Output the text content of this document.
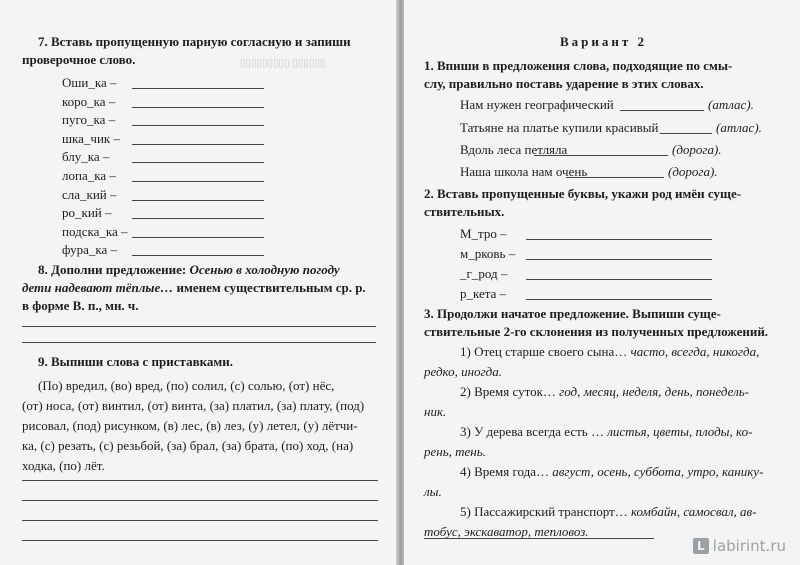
▯▯▯▯▯▯▯▯▯ ▯▯▯▯▯▯
7. Вставь пропущенную парную согласную и запиши
проверочное слово.
Оши_ка –
коро_ка –
пуго_ка –
шка_чик –
блу_ка –
лопа_ка –
сла_кий –
ро_кий –
подска_ка –
фура_ка –
8. Дополни предложение: Осенью в холодную погоду
дети надевают тёплые… именем существительным ср. р.
в форме В. п., мн. ч.
9. Выпиши слова с приставками.
(По) вредил, (во) вред, (по) солил, (с) солью, (от) нёс,
(от) носа, (от) винтил, (от) винта, (за) платил, (за) плату, (под)
рисовал, (под) рисунком, (в) лес, (в) лез, (у) летел, (у) лётчи-
ка, (с) резать, (с) резьбой, (за) брал, (за) брата, (по) ход, (на)
ходка, (по) лёт.
Вариант 2
1. Впиши в предложения слова, подходящие по смы-
слу, правильно поставь ударение в этих словах.
Нам нужен географический	(атлас).
Татьяне на платье купили красивый	(атлас).
Вдоль леса петляла	(дорога).
Наша школа нам очень	(дорога).
2. Вставь пропущенные буквы, укажи род имён суще-
ствительных.
М_тро –
м_рковь –
_г_род –
р_кета –
3. Продолжи начатое предложение. Выпиши суще-
ствительные 2-го склонения из полученных предложений.
1) Отец старше своего сына… часто, всегда, никогда,
редко, иногда.
2) Время суток… год, месяц, неделя, день, понедель-
ник.
3) У дерева всегда есть … листья, цветы, плоды, ко-
рень, тень.
4) Время года… август, осень, суббота, утро, канику-
лы.
5) Пассажирский транспорт… комбайн, самосвал, ав-
тобус, экскаватор, тепловоз.
L labirint.ru
